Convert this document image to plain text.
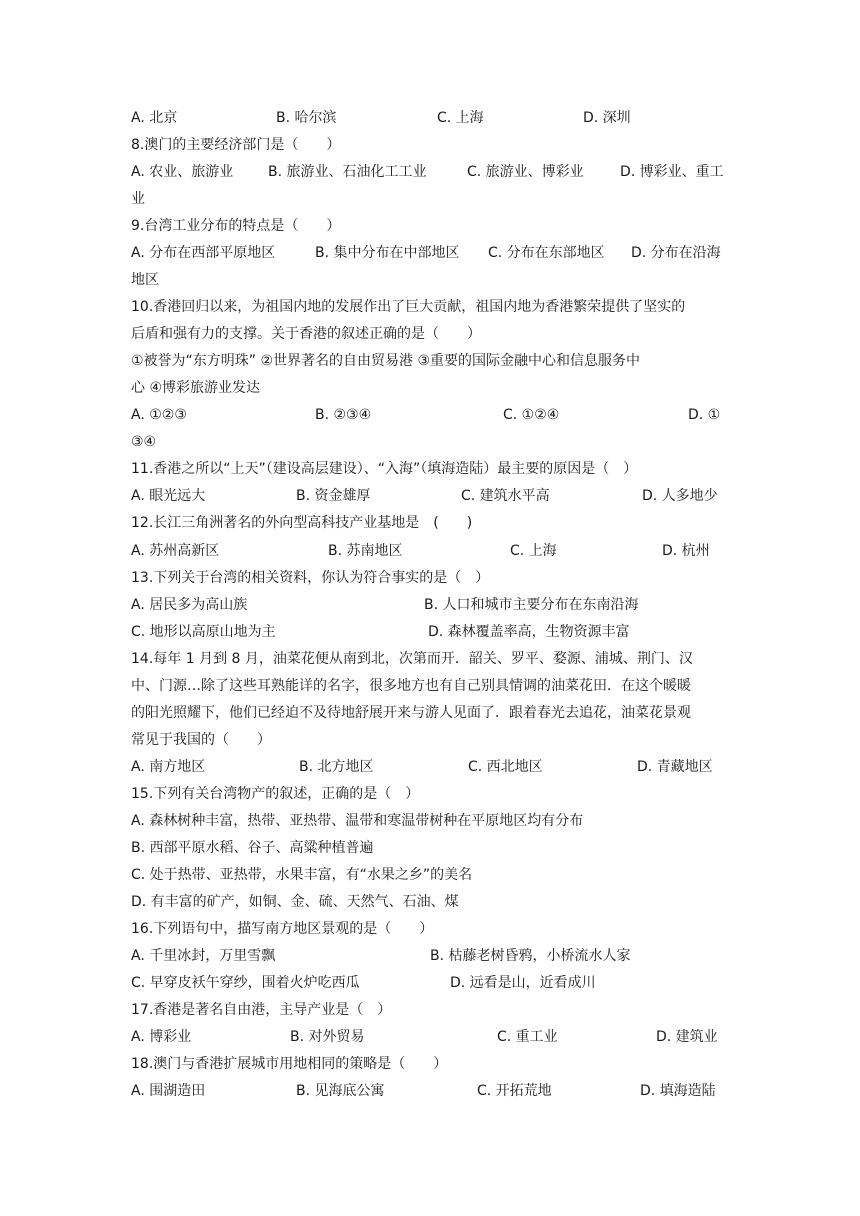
A. 北京	B. 哈尔滨	C. 上海	D. 深圳
8.澳门的主要经济部门是（　　）
A. 农业、旅游业 B. 旅游业、石油化工工业	C. 旅游业、博彩业	D. 博彩业、重工
业
9.台湾工业分布的特点是（　　）
A. 分布在西部平原地区	B. 集中分布在中部地区 C. 分布在东部地区 D. 分布在沿海
地区
10.香港回归以来，为祖国内地的发展作出了巨大贡献，祖国内地为香港繁荣提供了坚实的
后盾和强有力的支撑。关于香港的叙述正确的是（　　）
①被誉为“东方明珠” ②世界著名的自由贸易港 ③重要的国际金融中心和信息服务中
心 ④博彩旅游业发达
A. ①②③	B. ②③④	C. ①②④	D. ①
③④
11.香港之所以“上天”（建设高层建设）、“入海”（填海造陆）最主要的原因是（　）
A. 眼光远大	B. 资金雄厚	C. 建筑水平高	D. 人多地少
12.长江三角洲著名的外向型高科技产业基地是　(　　)
A. 苏州高新区	B. 苏南地区	C. 上海	D. 杭州
13.下列关于台湾的相关资料，你认为符合事实的是（　）
A. 居民多为高山族	B. 人口和城市主要分布在东南沿海
C. 地形以高原山地为主	D. 森林覆盖率高，生物资源丰富
14.每年 1 月到 8 月，油菜花便从南到北，次第而开．韶关、罗平、婺源、浦城、荆门、汉
中、门源…除了这些耳熟能详的名字，很多地方也有自己别具情调的油菜花田．在这个暖暖
的阳光照耀下，他们已经迫不及待地舒展开来与游人见面了．跟着春光去追花，油菜花景观
常见于我国的（　　）
A. 南方地区	B. 北方地区	C. 西北地区	D. 青藏地区
15.下列有关台湾物产的叙述，正确的是（　）
A. 森林树种丰富，热带、亚热带、温带和寒温带树种在平原地区均有分布
B. 西部平原水稻、谷子、高粱种植普遍
C. 处于热带、亚热带，水果丰富，有“水果之乡”的美名
D. 有丰富的矿产，如铜、金、硫、天然气、石油、煤
16.下列语句中，描写南方地区景观的是（　　）
A. 千里冰封，万里雪飘	B. 枯藤老树昏鸦，小桥流水人家
C. 早穿皮袄午穿纱，围着火炉吃西瓜	D. 远看是山，近看成川
17.香港是著名自由港，主导产业是（　）
A. 博彩业	B. 对外贸易	C. 重工业	D. 建筑业
18.澳门与香港扩展城市用地相同的策略是（　　）
A. 围湖造田	B. 见海底公寓	C. 开拓荒地	D. 填海造陆
